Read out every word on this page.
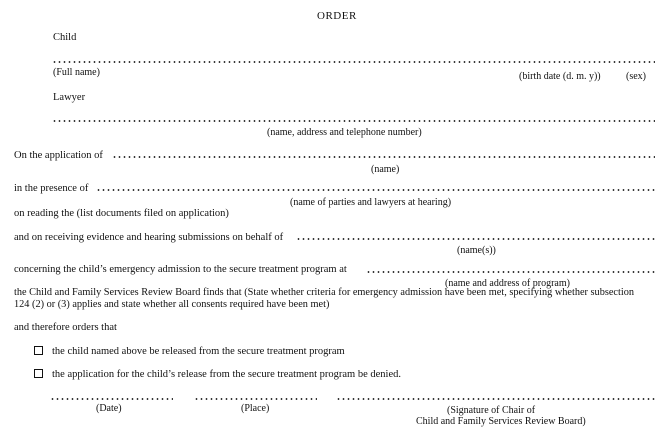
ORDER
Child
(Full name)	(birth date (d. m. y))	(sex)
Lawyer
(name, address and telephone number)
On the application of
(name)
in the presence of
(name of parties and lawyers at hearing)
on reading the (list documents filed on application)
and on receiving evidence and hearing submissions on behalf of
(name(s))
concerning the child’s emergency admission to the secure treatment program at
(name and address of program)
the Child and Family Services Review Board finds that (State whether criteria for emergency admission have been met, specifying whether subsection
124 (2) or (3) applies and state whether all consents required have been met)
and therefore orders that
the child named above be released from the secure treatment program
the application for the child’s release from the secure treatment program be denied.
(Date)	(Place)	(Signature of Chair of
Child and Family Services Review Board)
